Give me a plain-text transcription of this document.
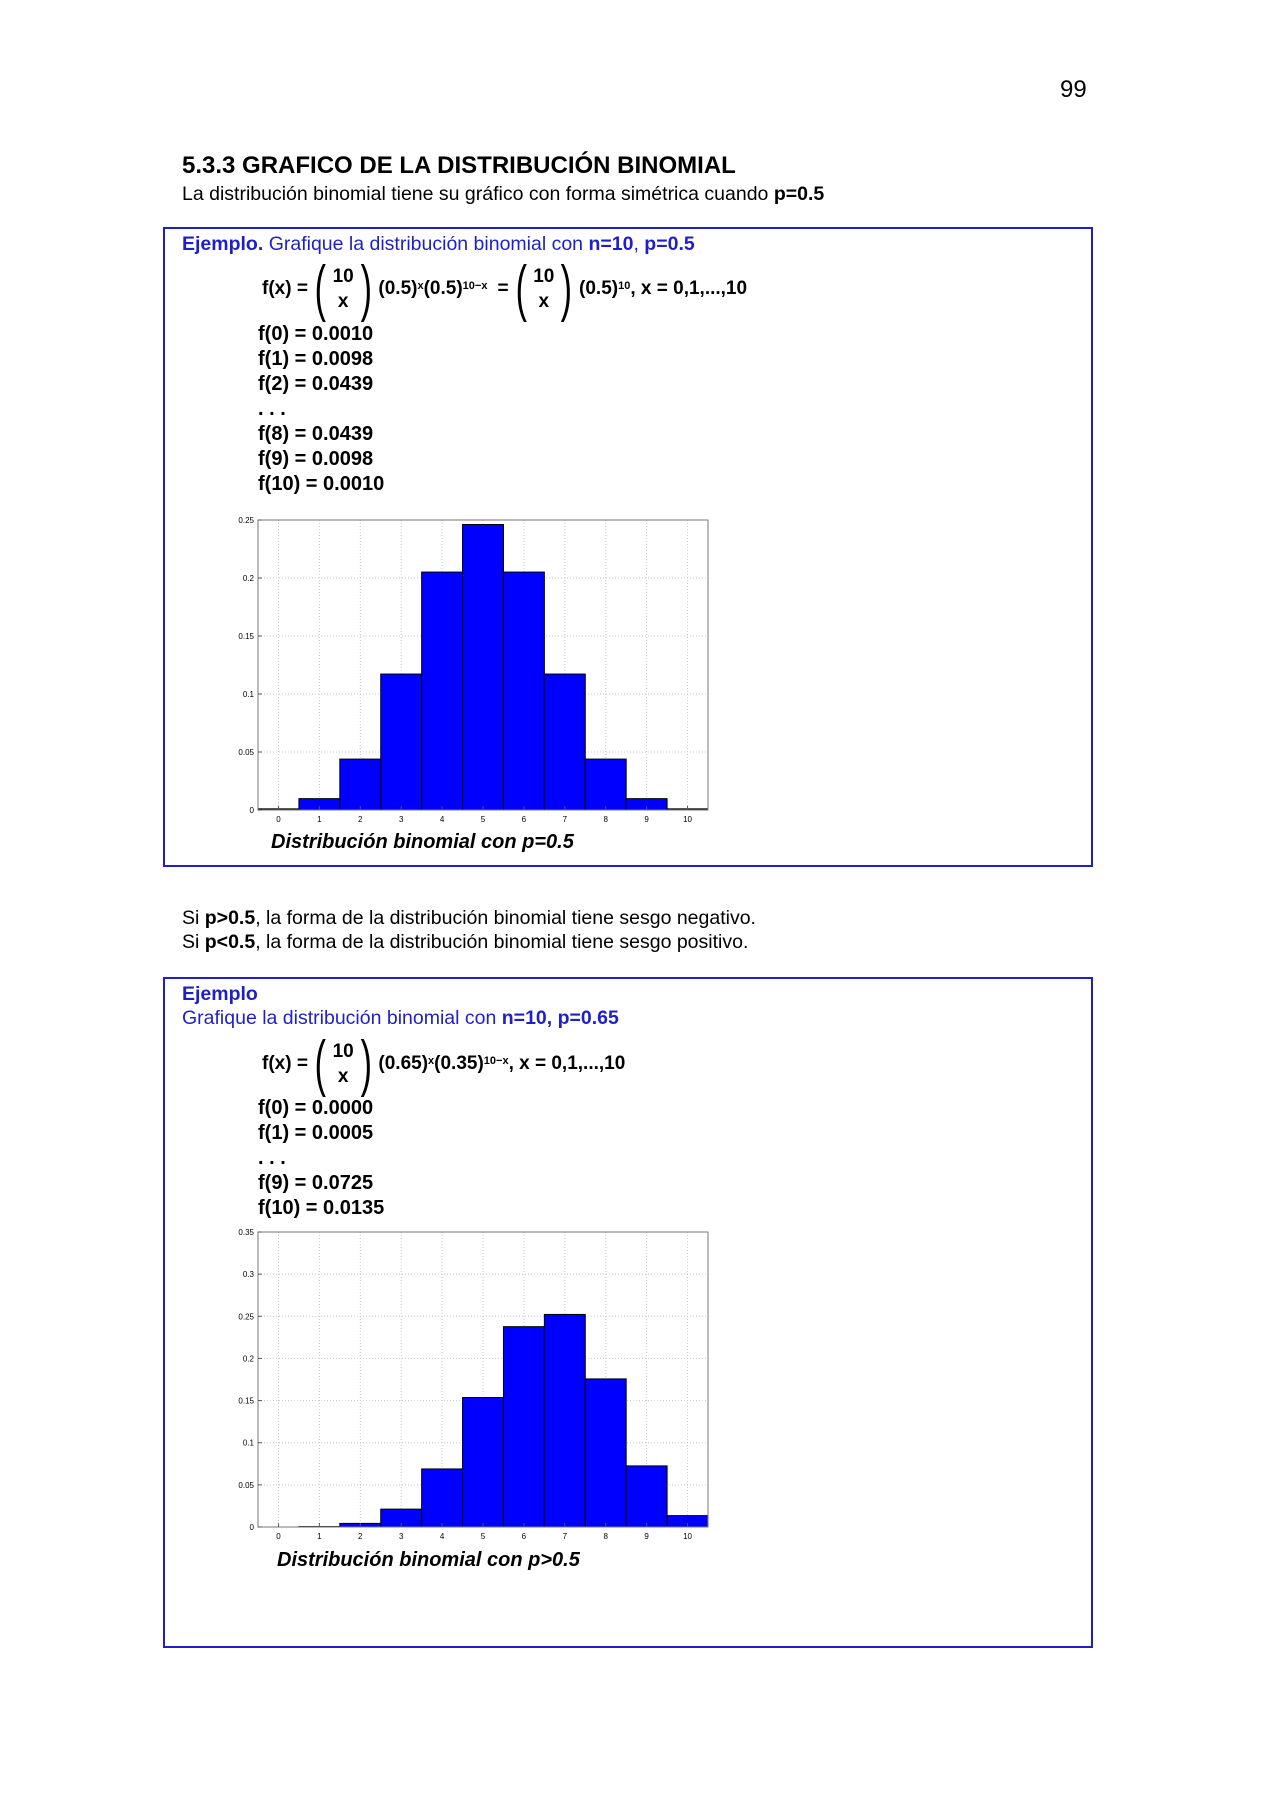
99
5.3.3 GRAFICO DE LA DISTRIBUCIÓN BINOMIAL
La distribución binomial tiene su gráfico con forma simétrica cuando p=0.5
Ejemplo. Grafique la distribución binomial con n=10, p=0.5
f(x) = ( 10
x ) $(0.5)^x$ $(0.5)^{10-x}$ = ( 10
x ) $(0.5)^{10}$ , x = 0,1,...,10
f(0) = 0.0010
f(1) = 0.0098
f(2) = 0.0439
. . .
f(8) = 0.0439
f(9) = 0.0098
f(10) = 0.0010
0
0.05
0.1
0.15
0.2
0.25
0	1	2	3	4	5	6	7	8	9	10
Distribución binomial con p=0.5
Si p>0.5, la forma de la distribución binomial tiene sesgo negativo.
Si p<0.5, la forma de la distribución binomial tiene sesgo positivo.
Ejemplo
Grafique la distribución binomial con n=10, p=0.65
f(x) = ( 10
x ) $(0.65)^x$ $(0.35)^{10-x}$ , x = 0,1,...,10
f(0) = 0.0000
f(1) = 0.0005
. . .
f(9) = 0.0725
f(10) = 0.0135
0
0.05
0.1
0.15
0.2
0.25
0.3
0.35
0	1	2	3	4	5	6	7	8	9	10
Distribución binomial con p>0.5
